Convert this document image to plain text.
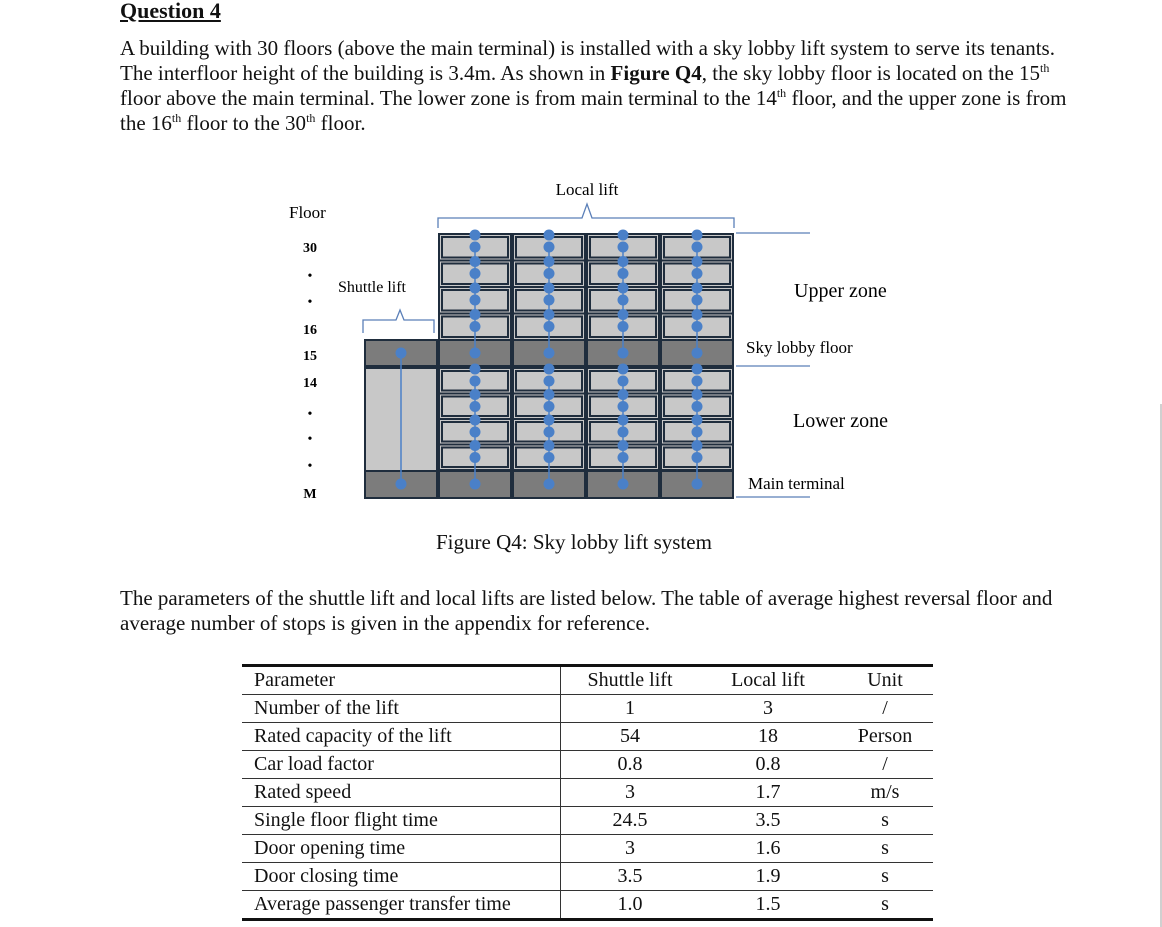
Question 4

A building with 30 floors (above the main terminal) is installed with a sky lobby lift system to serve its tenants. The interfloor height of the building is 3.4m. As shown in Figure Q4, the sky lobby floor is located on the 15th floor above the main terminal. The lower zone is from main terminal to the 14th floor, and the upper zone is from the 16th floor to the 30th floor.

Local lift
Floor
30
•
•
16
15
14
•
•
•
M
Shuttle lift	Upper zone
Sky lobby floor
Lower zone
Main terminal
Figure Q4: Sky lobby lift system

The parameters of the shuttle lift and local lifts are listed below. The table of average highest reversal floor and average number of stops is given in the appendix for reference.

Parameter	Shuttle lift	Local lift	Unit
Number of the lift	1	3	/
Rated capacity of the lift	54	18	Person
Car load factor	0.8	0.8	/
Rated speed	3	1.7	m/s
Single floor flight time	24.5	3.5	s
Door opening time	3	1.6	s
Door closing time	3.5	1.9	s
Average passenger transfer time	1.0	1.5	s
